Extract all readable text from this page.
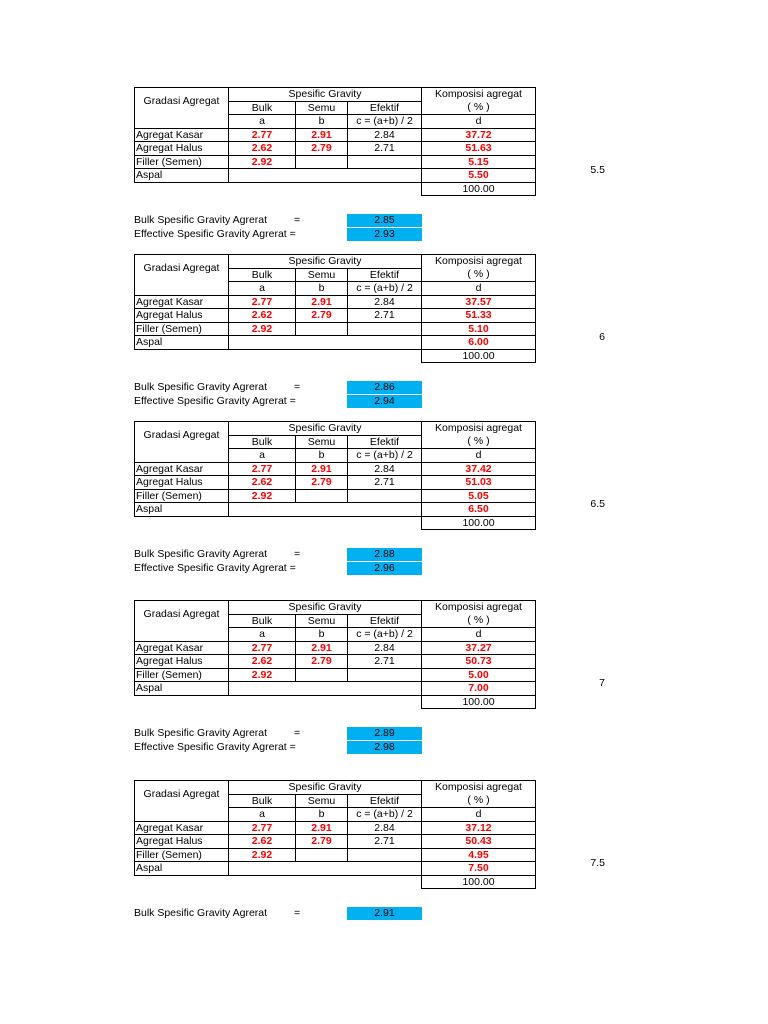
Gradasi Agregat	Spesific Gravity			Komposisi agregat
	Bulk	Semu	Efektif	( % )
	a	b	c = (a+b) / 2	d
Agregat Kasar	2.77	2.91	2.84	37.72
Agregat Halus	2.62	2.79	2.71	51.63
Filler (Semen)	2.92			5.15
Aspal				5.50
				100.00
5.5
Bulk Spesific Gravity Agrerat	=	2.85
Effective Spesific Gravity Agrerat =	2.93
Gradasi Agregat	Spesific Gravity			Komposisi agregat
	Bulk	Semu	Efektif	( % )
	a	b	c = (a+b) / 2	d
Agregat Kasar	2.77	2.91	2.84	37.57
Agregat Halus	2.62	2.79	2.71	51.33
Filler (Semen)	2.92			5.10
Aspal				6.00
				100.00
6
Bulk Spesific Gravity Agrerat	=	2.86
Effective Spesific Gravity Agrerat =	2.94
Gradasi Agregat	Spesific Gravity			Komposisi agregat
	Bulk	Semu	Efektif	( % )
	a	b	c = (a+b) / 2	d
Agregat Kasar	2.77	2.91	2.84	37.42
Agregat Halus	2.62	2.79	2.71	51.03
Filler (Semen)	2.92			5.05
Aspal				6.50
				100.00
6.5
Bulk Spesific Gravity Agrerat	=	2.88
Effective Spesific Gravity Agrerat =	2.96
Gradasi Agregat	Spesific Gravity			Komposisi agregat
	Bulk	Semu	Efektif	( % )
	a	b	c = (a+b) / 2	d
Agregat Kasar	2.77	2.91	2.84	37.27
Agregat Halus	2.62	2.79	2.71	50.73
Filler (Semen)	2.92			5.00
Aspal				7.00
				100.00
7
Bulk Spesific Gravity Agrerat	=	2.89
Effective Spesific Gravity Agrerat =	2.98
Gradasi Agregat	Spesific Gravity			Komposisi agregat
	Bulk	Semu	Efektif	( % )
	a	b	c = (a+b) / 2	d
Agregat Kasar	2.77	2.91	2.84	37.12
Agregat Halus	2.62	2.79	2.71	50.43
Filler (Semen)	2.92			4.95
Aspal				7.50
				100.00
7.5
Bulk Spesific Gravity Agrerat	=	2.91
